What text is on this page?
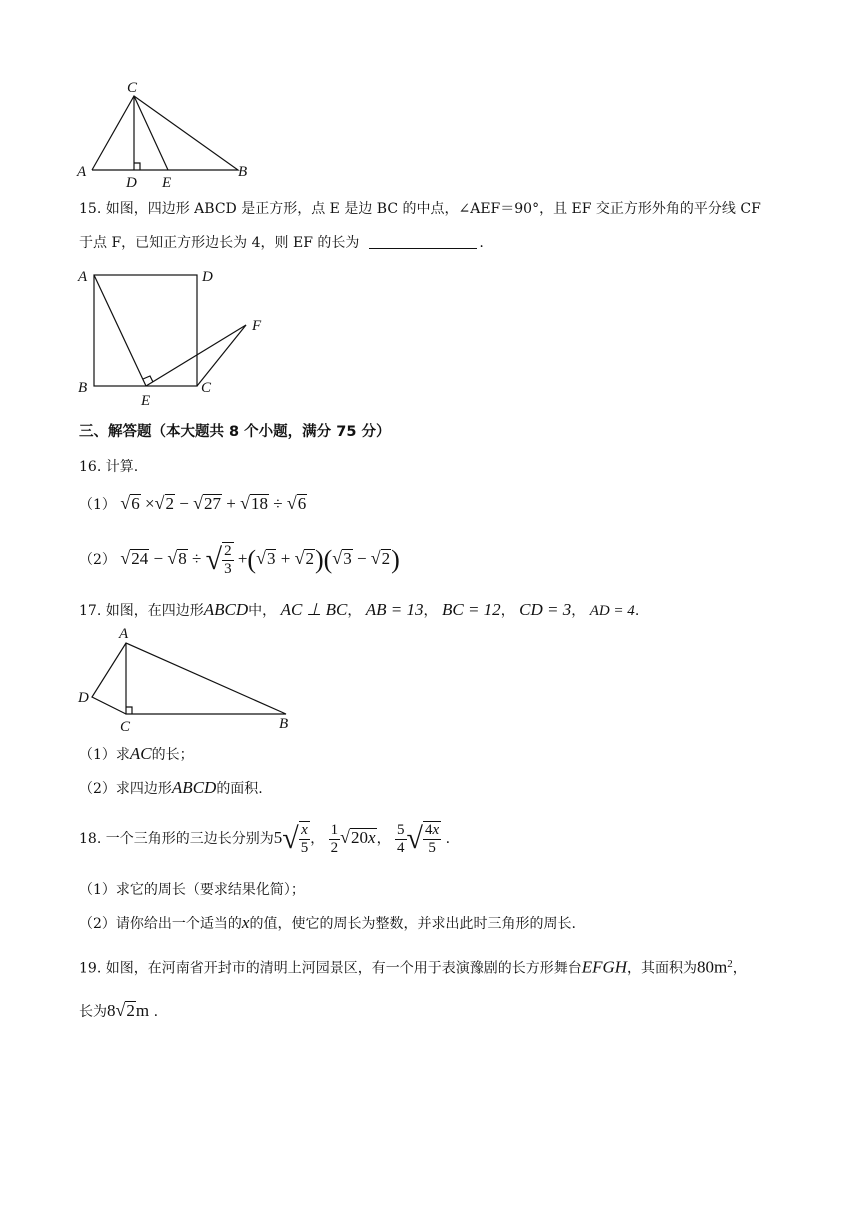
C
A
D E
B
15. 如图，四边形 ABCD 是正方形，点 E 是边 BC 的中点，∠AEF＝90°，且 EF 交正方形外角的平分线 CF
于点 F，已知正方形边长为 4，则 EF 的长为	.
A	D
F
B
E
C
三、解答题（本大题共 8 个小题，满分 75 分）
16. 计算.
（1） √6 ×√2 − √27 + √18 ÷ √6
（2） √24 − √8 ÷ √ $\frac{2}{3} +(√3 + √2)(√3 - √2)$
17. 如图，在四边形ABCD中， AC ⊥ BC， AB = 13， BC = 12， CD = 3， AD = 4.
A
D
C	B
（1）求AC的长；
（2）求四边形ABCD的面积.
18. 一个三角形的三边长分别为$5√ \frac{x}{5}$ ， $\frac{1}{2} √20x$， $\frac{5}{4}$ √ $\frac{4x}{5}$ .
（1）求它的周长（要求结果化简）；
（2）请你给出一个适当的x的值，使它的周长为整数，并求出此时三角形的周长.
19. 如图，在河南省开封市的清明上河园景区，有一个用于表演豫剧的长方形舞台EFGH，其面积为$80m^2$，
长为8√2m .
